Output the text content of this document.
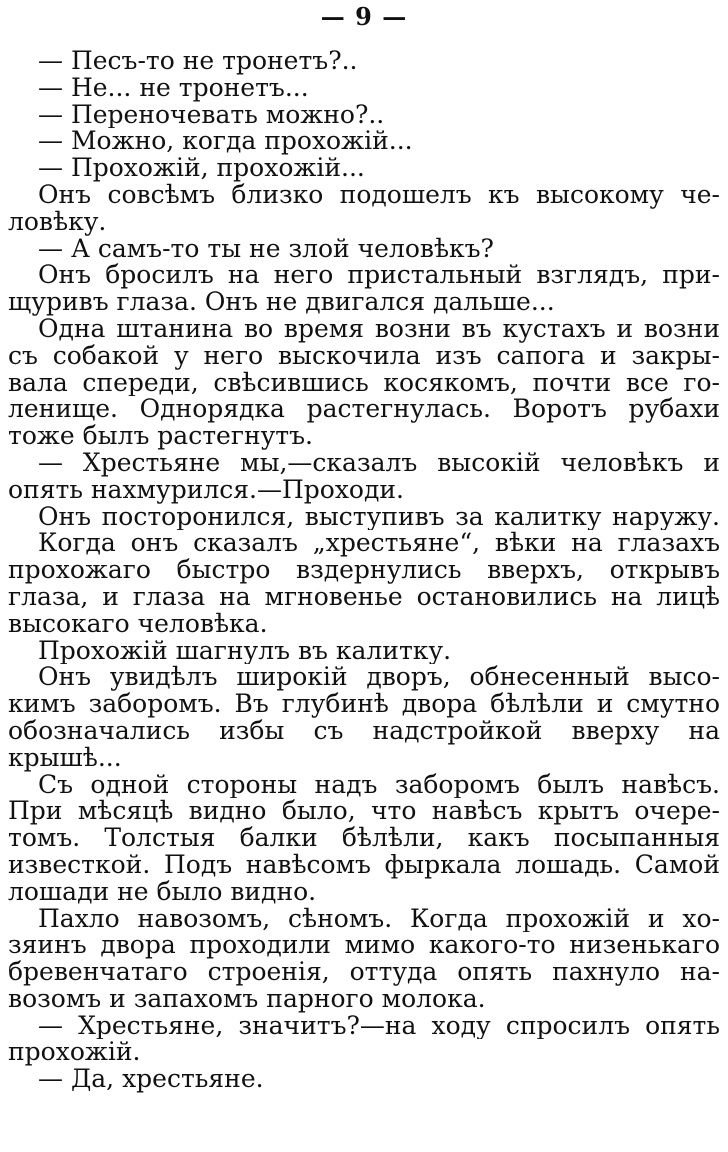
— 9 —
— Песъ-то не тронетъ?..
— Не... не тронетъ...
— Переночевать можно?..
— Можно, когда прохожій...
— Прохожій, прохожій...
Онъ совсѣмъ близко подошелъ къ высокому че-
ловѣку.
— А самъ-то ты не злой человѣкъ?
Онъ бросилъ на него пристальный взглядъ, при-
щуривъ глаза. Онъ не двигался дальше...
Одна штанина во время возни въ кустахъ и возни
съ собакой у него выскочила изъ сапога и закры-
вала спереди, свѣсившись косякомъ, почти все го-
ленище. Однорядка растегнулась. Воротъ рубахи
тоже былъ растегнутъ.
— Хрестьяне мы,—сказалъ высокій человѣкъ и
опять нахмурился.—Проходи.
Онъ посторонился, выступивъ за калитку наружу.
Когда онъ сказалъ „хрестьяне“, вѣки на глазахъ
прохожаго быстро вздернулись вверхъ, открывъ
глаза, и глаза на мгновенье остановились на лицѣ
высокаго человѣка.
Прохожій шагнулъ въ калитку.
Онъ увидѣлъ широкій дворъ, обнесенный высо-
кимъ заборомъ. Въ глубинѣ двора бѣлѣли и смутно
обозначались избы съ надстройкой вверху на
крышѣ...
Съ одной стороны надъ заборомъ былъ навѣсъ.
При мѣсяцѣ видно было, что навѣсъ крытъ очере-
томъ. Толстыя балки бѣлѣли, какъ посыпанныя
известкой. Подъ навѣсомъ фыркала лошадь. Самой
лошади не было видно.
Пахло навозомъ, сѣномъ. Когда прохожій и хо-
зяинъ двора проходили мимо какого-то низенькаго
бревенчатаго строенія, оттуда опять пахнуло на-
возомъ и запахомъ парного молока.
— Хрестьяне, значитъ?—на ходу спросилъ опять
прохожій.
— Да, хрестьяне.
